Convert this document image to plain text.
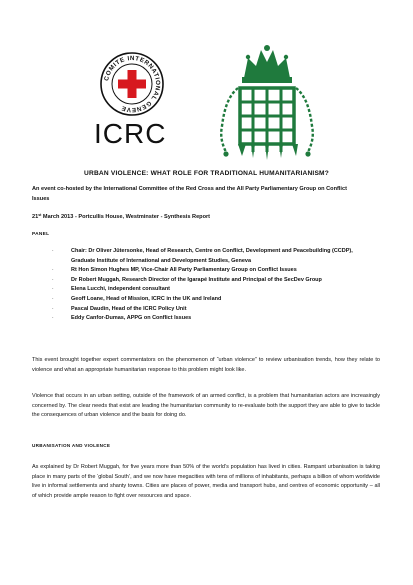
COMITE INTERNATIONAL GENEVE
ICRC
URBAN VIOLENCE: WHAT ROLE FOR TRADITIONAL HUMANITARIANISM?
An event co-hosted by the International Committee of the Red Cross and the All Party Parliamentary Group on Conflict Issues
21st March 2013 - Portcullis House, Westminster - Synthesis Report
PANEL
·	Chair: Dr Oliver Jütersonke, Head of Research, Centre on Conflict, Development and Peacebuilding (CCDP), Graduate Institute of International and Development Studies, Geneva
·	Rt Hon Simon Hughes MP, Vice-Chair All Party Parliamentary Group on Conflict Issues
·	Dr Robert Muggah, Research Director of the Igarapé Institute and Principal of the SecDev Group
·	Elena Lucchi, independent consultant
·	Geoff Loane, Head of Mission, ICRC in the UK and Ireland
·	Pascal Daudin, Head of the ICRC Policy Unit
·	Eddy Canfor-Dumas, APPG on Conflict Issues
This event brought together expert commentators on the phenomenon of “urban violence” to review urbanisation trends, how they relate to violence and what an appropriate humanitarian response to this problem might look like.
Violence that occurs in an urban setting, outside of the framework of an armed conflict, is a problem that humanitarian actors are increasingly concerned by. The clear needs that exist are leading the humanitarian community to re-evaluate both the support they are able to give to tackle the consequences of urban violence and the basis for doing do.
URBANISATION AND VIOLENCE
As explained by Dr Robert Muggah, for five years more than 50% of the world’s population has lived in cities. Rampant urbanisation is taking place in many parts of the ‘global South’, and we now have megacities with tens of millions of inhabitants, perhaps a billion of whom worldwide live in informal settlements and shanty towns. Cities are places of power, media and transport hubs, and centres of economic opportunity – all of which provide ample reason to fight over resources and space.
